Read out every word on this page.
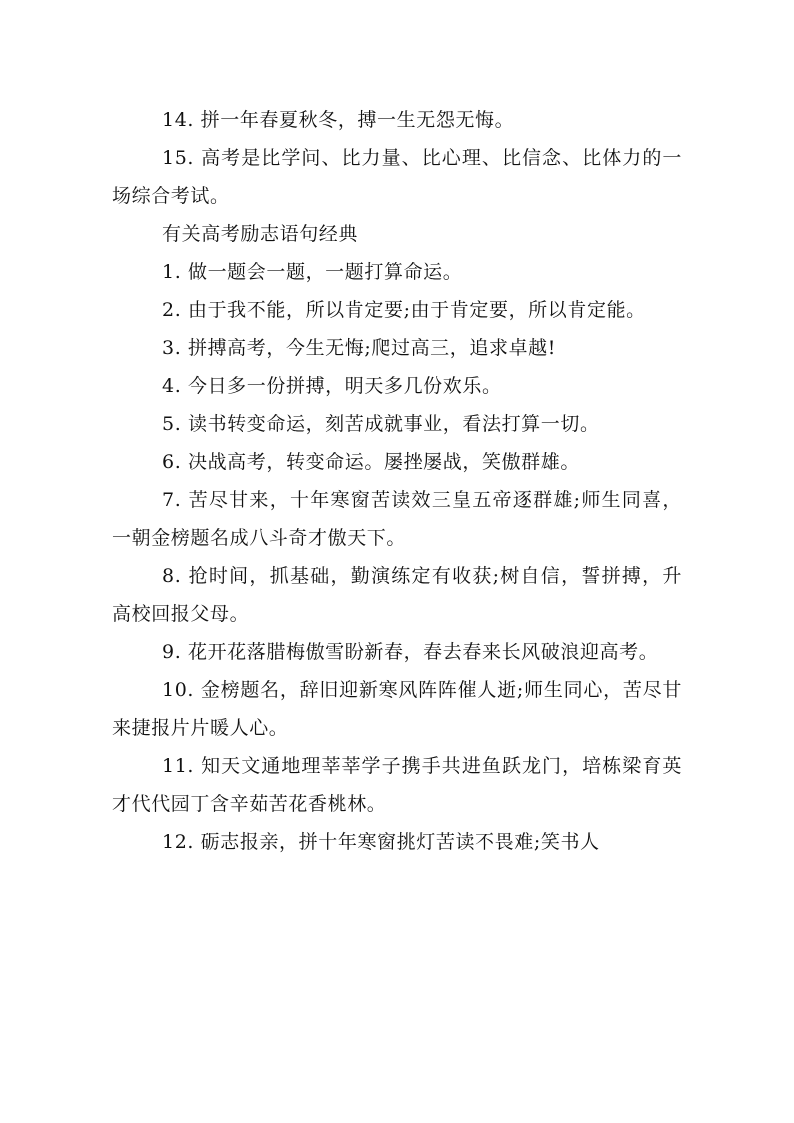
14. 拼一年春夏秋冬，搏一生无怨无悔。

15. 高考是比学问、比力量、比心理、比信念、比体力的一场综合考试。

有关高考励志语句经典

1. 做一题会一题，一题打算命运。

2. 由于我不能，所以肯定要;由于肯定要，所以肯定能。

3. 拼搏高考，今生无悔;爬过高三，追求卓越!

4. 今日多一份拼搏，明天多几份欢乐。

5. 读书转变命运，刻苦成就事业，看法打算一切。

6. 决战高考，转变命运。屡挫屡战，笑傲群雄。

7. 苦尽甘来，十年寒窗苦读效三皇五帝逐群雄;师生同喜，一朝金榜题名成八斗奇才傲天下。

8. 抢时间，抓基础，勤演练定有收获;树自信，誓拼搏，升高校回报父母。

9. 花开花落腊梅傲雪盼新春，春去春来长风破浪迎高考。

10. 金榜题名，辞旧迎新寒风阵阵催人逝;师生同心，苦尽甘来捷报片片暖人心。

11. 知天文通地理莘莘学子携手共进鱼跃龙门，培栋梁育英才代代园丁含辛茹苦花香桃林。

12. 砺志报亲，拼十年寒窗挑灯苦读不畏难;笑书人
